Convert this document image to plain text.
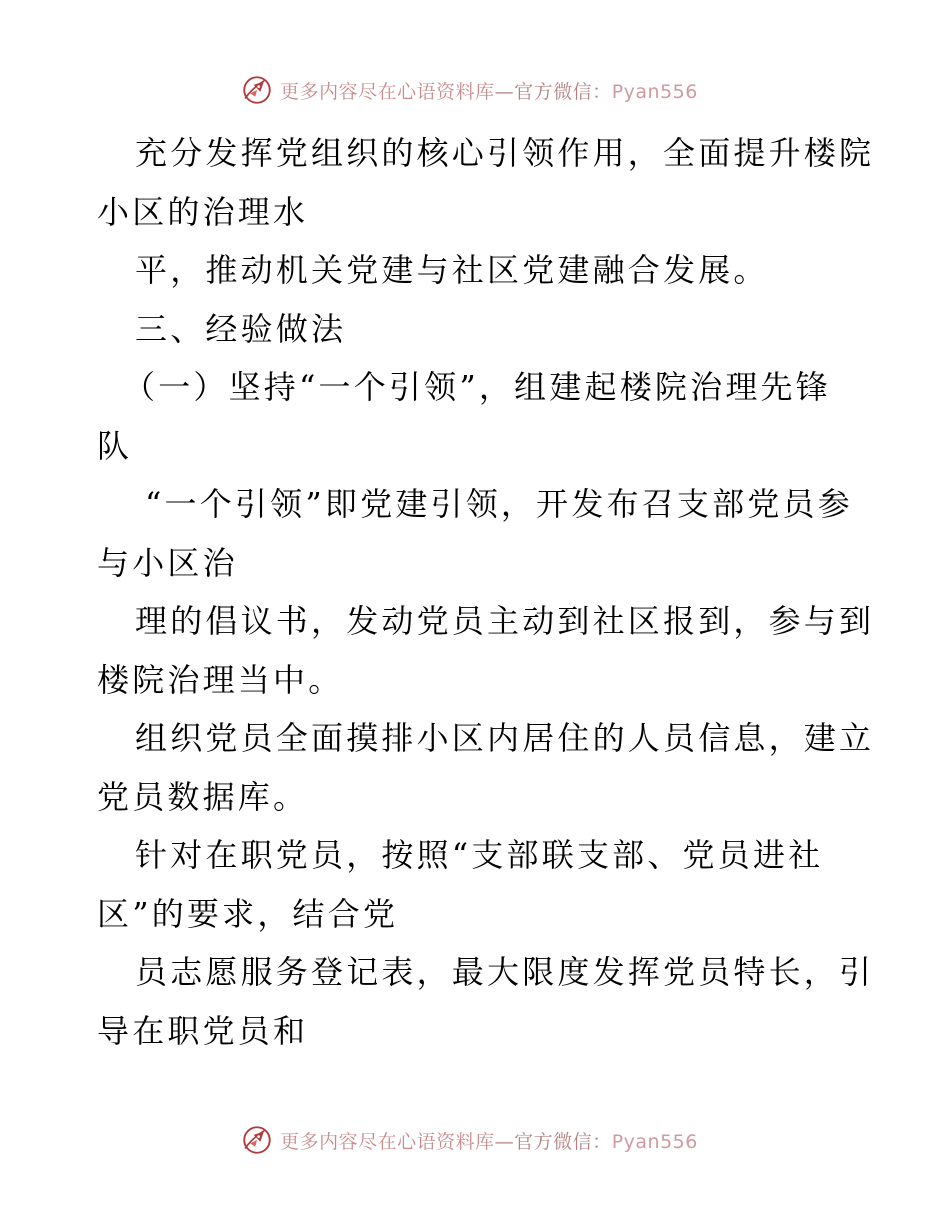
更多内容尽在心语资料库—官方微信：Pyan556
充分发挥党组织的核心引领作用，全面提升楼院
小区的治理水
平，推动机关党建与社区党建融合发展。
三、经验做法
（一）坚持“一个引领”，组建起楼院治理先锋
队
“一个引领”即党建引领，开发布召支部党员参
与小区治
理的倡议书，发动党员主动到社区报到，参与到
楼院治理当中。
组织党员全面摸排小区内居住的人员信息，建立
党员数据库。
针对在职党员，按照“支部联支部、党员进社
区”的要求，结合党
员志愿服务登记表，最大限度发挥党员特长，引
导在职党员和
更多内容尽在心语资料库—官方微信：Pyan556
